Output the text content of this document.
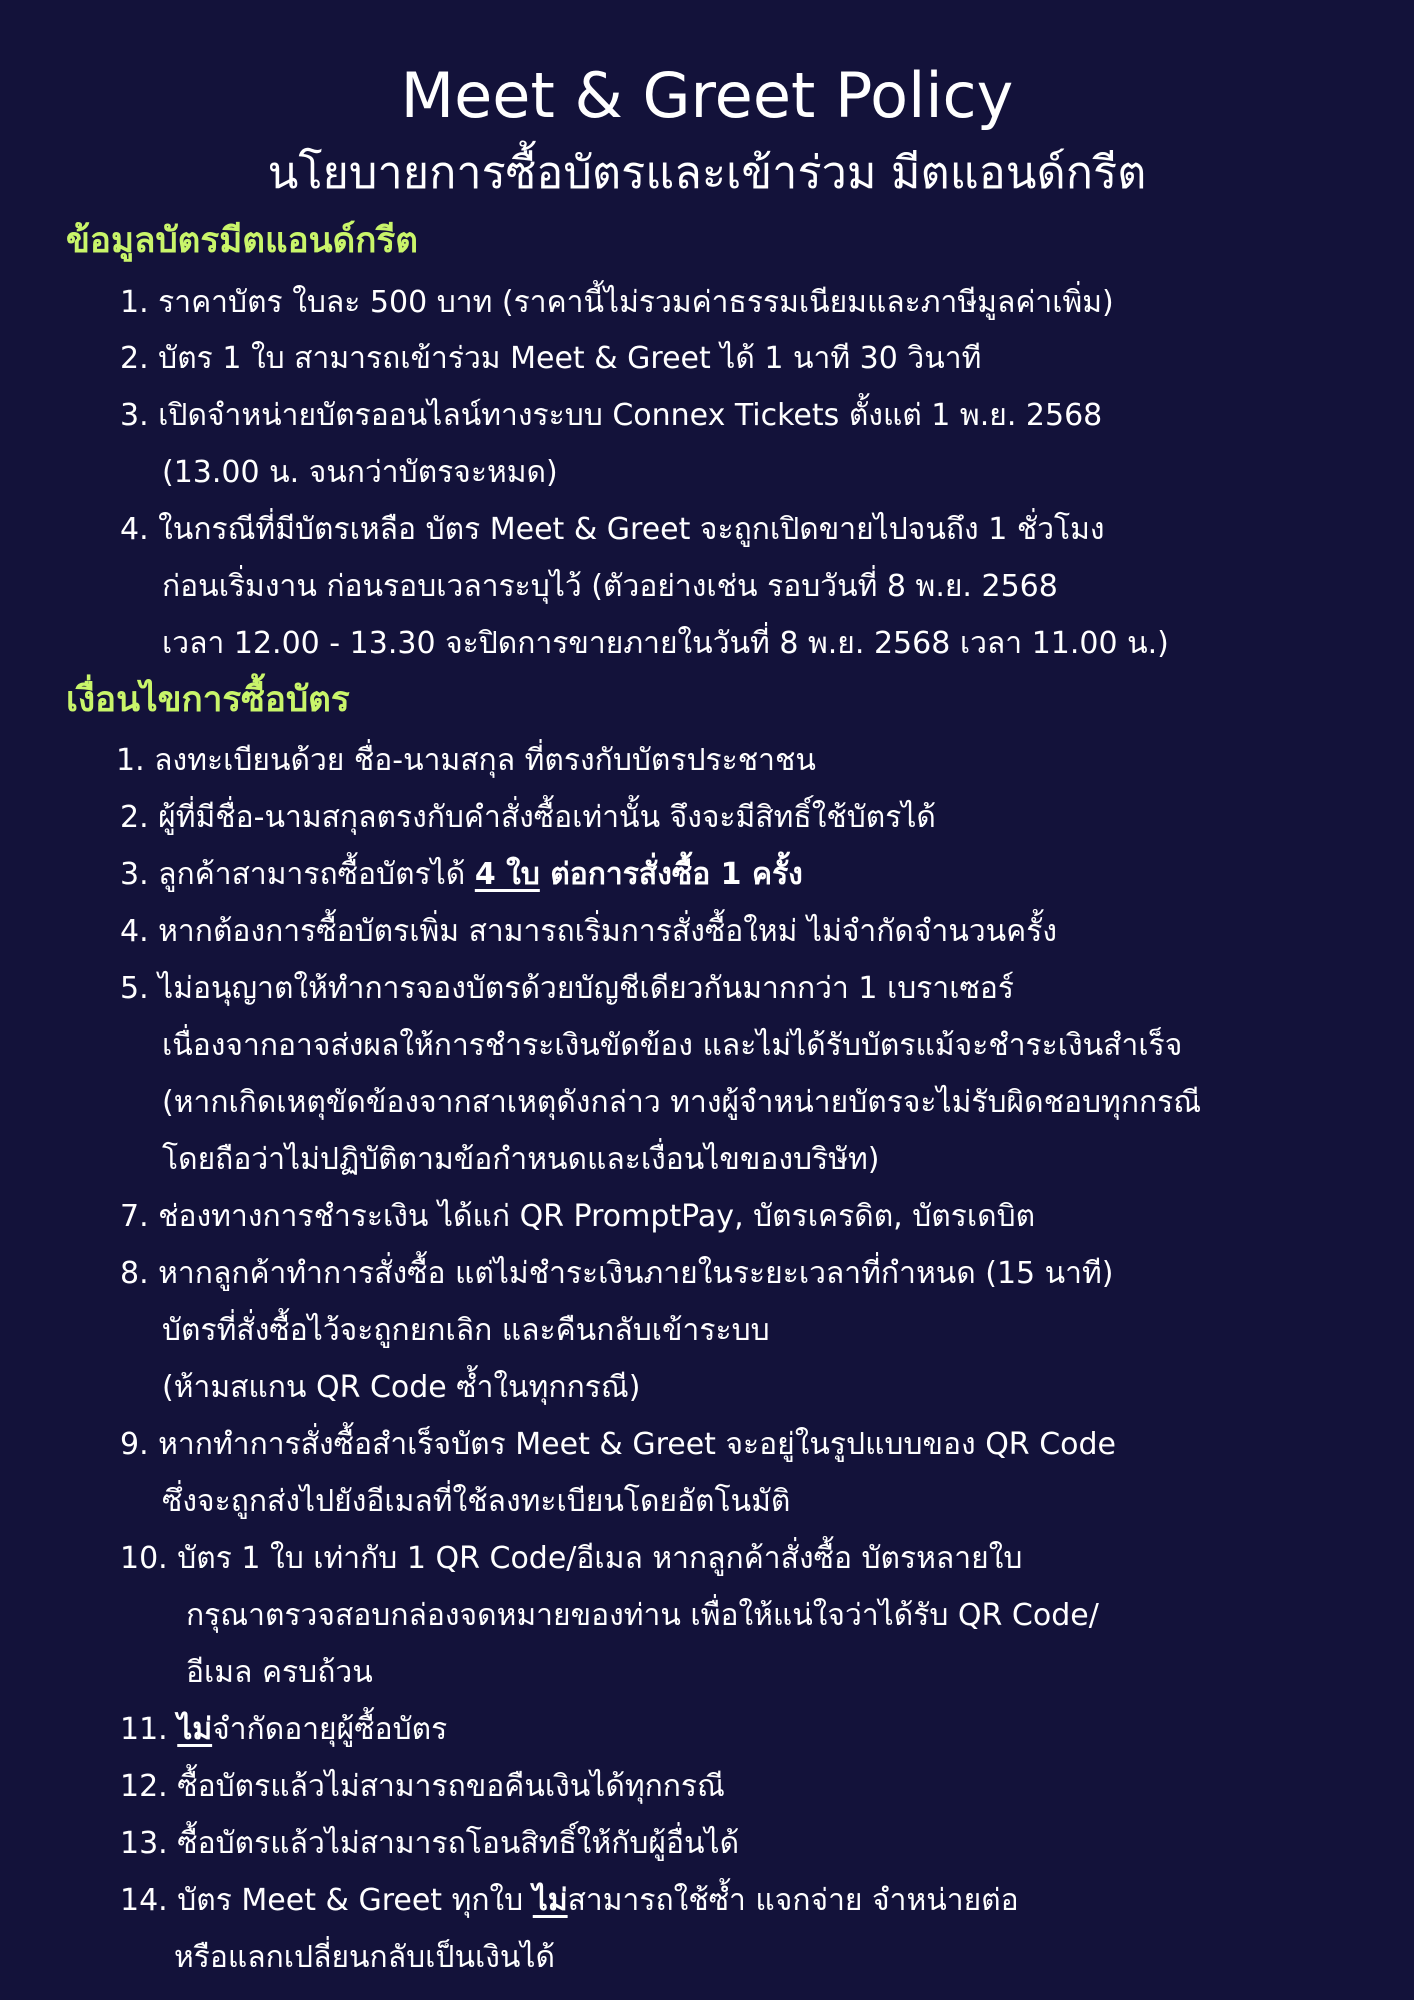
Meet & Greet Policy
นโยบายการซื้อบัตรและเข้าร่วม มีตแอนด์กรีต
ข้อมูลบัตรมีตแอนด์กรีต
1. ราคาบัตร ใบละ 500 บาท (ราคานี้ไม่รวมค่าธรรมเนียมและภาษีมูลค่าเพิ่ม)
2. บัตร 1 ใบ สามารถเข้าร่วม Meet & Greet ได้ 1 นาที 30 วินาที
3. เปิดจำหน่ายบัตรออนไลน์ทางระบบ Connex Tickets ตั้งแต่ 1 พ.ย. 2568
(13.00 น. จนกว่าบัตรจะหมด)
4. ในกรณีที่มีบัตรเหลือ บัตร Meet & Greet จะถูกเปิดขายไปจนถึง 1 ชั่วโมง
ก่อนเริ่มงาน ก่อนรอบเวลาระบุไว้ (ตัวอย่างเช่น รอบวันที่ 8 พ.ย. 2568
เวลา 12.00 - 13.30 จะปิดการขายภายในวันที่ 8 พ.ย. 2568 เวลา 11.00 น.)
เงื่อนไขการซื้อบัตร
1. ลงทะเบียนด้วย ชื่อ-นามสกุล ที่ตรงกับบัตรประชาชน
2. ผู้ที่มีชื่อ-นามสกุลตรงกับคำสั่งซื้อเท่านั้น จึงจะมีสิทธิ์ใช้บัตรได้
3. ลูกค้าสามารถซื้อบัตรได้ 4 ใบ ต่อการสั่งซื้อ 1 ครั้ง
4. หากต้องการซื้อบัตรเพิ่ม สามารถเริ่มการสั่งซื้อใหม่ ไม่จำกัดจำนวนครั้ง
5. ไม่อนุญาตให้ทำการจองบัตรด้วยบัญชีเดียวกันมากกว่า 1 เบราเซอร์
เนื่องจากอาจส่งผลให้การชำระเงินขัดข้อง และไม่ได้รับบัตรแม้จะชำระเงินสำเร็จ
(หากเกิดเหตุขัดข้องจากสาเหตุดังกล่าว ทางผู้จำหน่ายบัตรจะไม่รับผิดชอบทุกกรณี
โดยถือว่าไม่ปฏิบัติตามข้อกำหนดและเงื่อนไขของบริษัท)
7. ช่องทางการชำระเงิน ได้แก่ QR PromptPay, บัตรเครดิต, บัตรเดบิต
8. หากลูกค้าทำการสั่งซื้อ แต่ไม่ชำระเงินภายในระยะเวลาที่กำหนด (15 นาที)
บัตรที่สั่งซื้อไว้จะถูกยกเลิก และคืนกลับเข้าระบบ
(ห้ามสแกน QR Code ซ้ำในทุกกรณี)
9. หากทำการสั่งซื้อสำเร็จบัตร Meet & Greet จะอยู่ในรูปแบบของ QR Code
ซึ่งจะถูกส่งไปยังอีเมลที่ใช้ลงทะเบียนโดยอัตโนมัติ
10. บัตร 1 ใบ เท่ากับ 1 QR Code/อีเมล หากลูกค้าสั่งซื้อ บัตรหลายใบ
กรุณาตรวจสอบกล่องจดหมายของท่าน เพื่อให้แน่ใจว่าได้รับ QR Code/
อีเมล ครบถ้วน
11. ไม่จำกัดอายุผู้ซื้อบัตร
12. ซื้อบัตรแล้วไม่สามารถขอคืนเงินได้ทุกกรณี
13. ซื้อบัตรแล้วไม่สามารถโอนสิทธิ์ให้กับผู้อื่นได้
14. บัตร Meet & Greet ทุกใบ ไม่สามารถใช้ซ้ำ แจกจ่าย จำหน่ายต่อ
หรือแลกเปลี่ยนกลับเป็นเงินได้
